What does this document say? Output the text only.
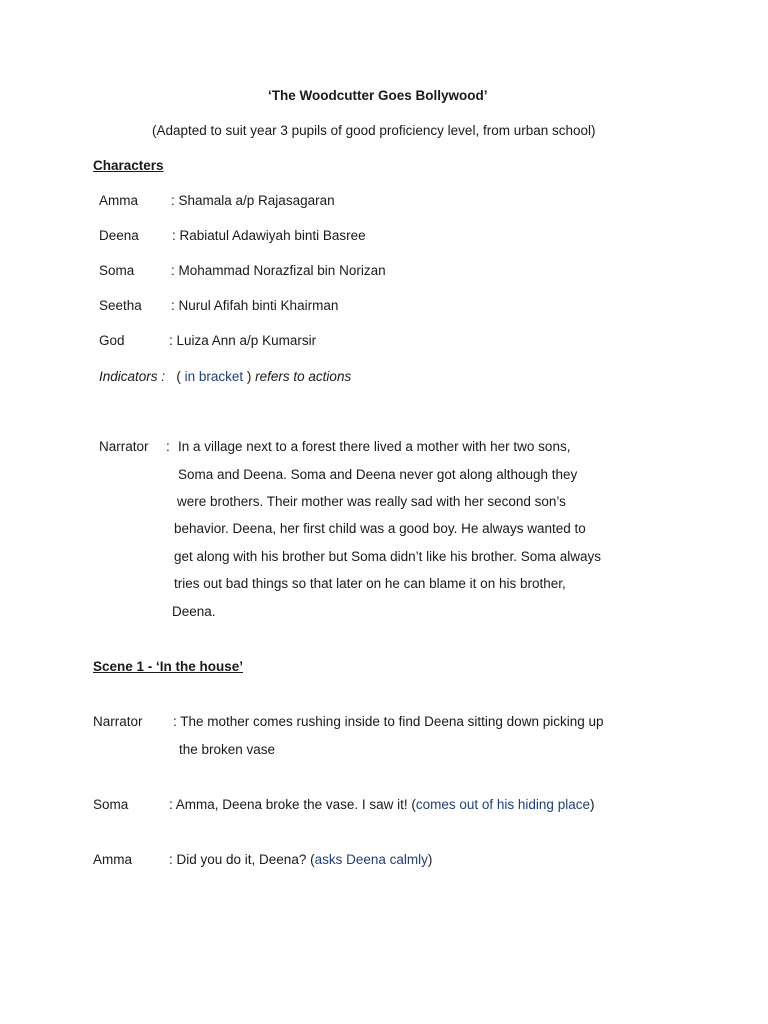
‘The Woodcutter Goes Bollywood’
(Adapted to suit year 3 pupils of good proficiency level, from urban school)
Characters
Amma : Shamala a/p Rajasagaran
Deena : Rabiatul Adawiyah binti Basree
Soma	: Mohammad Norazfizal bin Norizan
Seetha : Nurul Afifah binti Khairman
God	: Luiza Ann a/p Kumarsir
Indicators : ( in bracket ) refers to actions
Narrator : In a village next to a forest there lived a mother with her two sons,
Soma and Deena. Soma and Deena never got along although they
were brothers. Their mother was really sad with her second son’s
behavior. Deena, her first child was a good boy. He always wanted to
get along with his brother but Soma didn’t like his brother. Soma always
tries out bad things so that later on he can blame it on his brother,
Deena.
Scene 1 - ‘In the house’
Narrator : The mother comes rushing inside to find Deena sitting down picking up
the broken vase
Soma	: Amma, Deena broke the vase. I saw it! (comes out of his hiding place)
Amma	: Did you do it, Deena? (asks Deena calmly)
